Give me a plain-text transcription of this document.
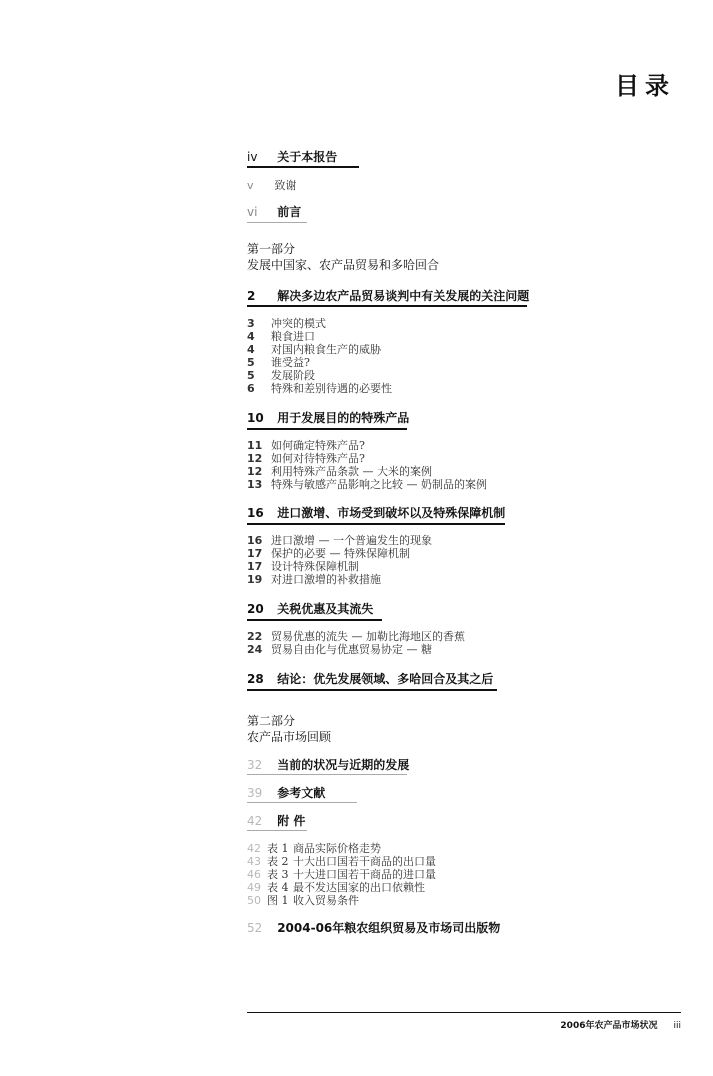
目录
iv 关于本报告
v 致谢
vi 前言
第一部分
发展中国家、农产品贸易和多哈回合
2 解决多边农产品贸易谈判中有关发展的关注问题
3 冲突的模式
4 粮食进口
4 对国内粮食生产的威胁
5 谁受益?
5 发展阶段
6 特殊和差别待遇的必要性
10 用于发展目的的特殊产品
11 如何确定特殊产品?
12 如何对待特殊产品?
12 利用特殊产品条款 — 大米的案例
13 特殊与敏感产品影响之比较 — 奶制品的案例
16 进口激增、市场受到破坏以及特殊保障机制
16 进口激增 — 一个普遍发生的现象
17 保护的必要 — 特殊保障机制
17 设计特殊保障机制
19 对进口激增的补救措施
20 关税优惠及其流失
22 贸易优惠的流失 — 加勒比海地区的香蕉
24 贸易自由化与优惠贸易协定 — 糖
28 结论：优先发展领域、多哈回合及其之后
第二部分
农产品市场回顾
32 当前的状况与近期的发展
39 参考文献
42 附 件
42 表 1 商品实际价格走势
43 表 2 十大出口国若干商品的出口量
46 表 3 十大进口国若干商品的进口量
49 表 4 最不发达国家的出口依赖性
50 图 1 收入贸易条件
52 2004-06年粮农组织贸易及市场司出版物
2006年农产品市场状况 iii
